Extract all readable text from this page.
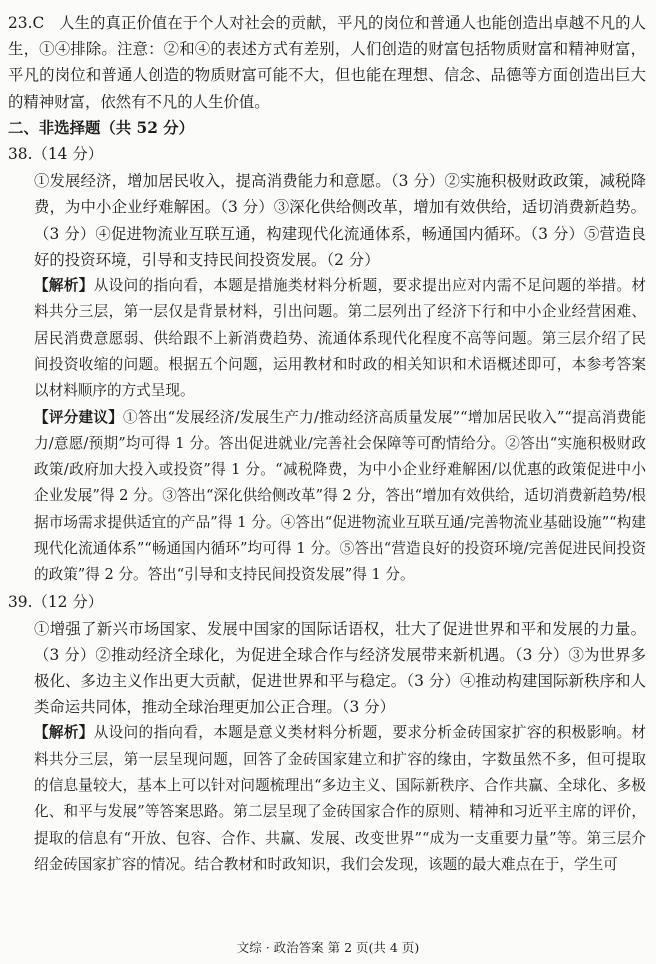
23.C 人生的真正价值在于个人对社会的贡献，平凡的岗位和普通人也能创造出卓越不凡的人生，①④排除。注意：②和④的表述方式有差别，人们创造的财富包括物质财富和精神财富，平凡的岗位和普通人创造的物质财富可能不大，但也能在理想、信念、品德等方面创造出巨大的精神财富，依然有不凡的人生价值。

二、非选择题（共 52 分）

38.（14 分）

①发展经济，增加居民收入，提高消费能力和意愿。（3 分）②实施积极财政政策，减税降费，为中小企业纾难解困。（3 分）③深化供给侧改革，增加有效供给，适切消费新趋势。（3 分）④促进物流业互联互通，构建现代化流通体系，畅通国内循环。（3 分）⑤营造良好的投资环境，引导和支持民间投资发展。（2 分）

【解析】从设问的指向看，本题是措施类材料分析题，要求提出应对内需不足问题的举措。材料共分三层，第一层仅是背景材料，引出问题。第二层列出了经济下行和中小企业经营困难、居民消费意愿弱、供给跟不上新消费趋势、流通体系现代化程度不高等问题。第三层介绍了民间投资收缩的问题。根据五个问题，运用教材和时政的相关知识和术语概述即可，本参考答案以材料顺序的方式呈现。

【评分建议】①答出“发展经济/发展生产力/推动经济高质量发展”“增加居民收入”“提高消费能力/意愿/预期”均可得 1 分。答出促进就业/完善社会保障等可酌情给分。②答出“实施积极财政政策/政府加大投入或投资”得 1 分。“减税降费，为中小企业纾难解困/以优惠的政策促进中小企业发展”得 2 分。③答出“深化供给侧改革”得 2 分，答出“增加有效供给，适切消费新趋势/根据市场需求提供适宜的产品”得 1 分。④答出“促进物流业互联互通/完善物流业基础设施”“构建现代化流通体系”“畅通国内循环”均可得 1 分。⑤答出“营造良好的投资环境/完善促进民间投资的政策”得 2 分。答出“引导和支持民间投资发展”得 1 分。

39.（12 分）

①增强了新兴市场国家、发展中国家的国际话语权，壮大了促进世界和平和发展的力量。（3 分）②推动经济全球化，为促进全球合作与经济发展带来新机遇。（3 分）③为世界多极化、多边主义作出更大贡献，促进世界和平与稳定。（3 分）④推动构建国际新秩序和人类命运共同体，推动全球治理更加公正合理。（3 分）

【解析】从设问的指向看，本题是意义类材料分析题，要求分析金砖国家扩容的积极影响。材料共分三层，第一层呈现问题，回答了金砖国家建立和扩容的缘由，字数虽然不多，但可提取的信息量较大，基本上可以针对问题梳理出“多边主义、国际新秩序、合作共赢、全球化、多极化、和平与发展”等答案思路。第二层呈现了金砖国家合作的原则、精神和习近平主席的评价，提取的信息有“开放、包容、合作、共赢、发展、改变世界”“成为一支重要力量”等。第三层介绍金砖国家扩容的情况。结合教材和时政知识，我们会发现，该题的最大难点在于，学生可

文综 · 政治答案 第 2 页(共 4 页)
